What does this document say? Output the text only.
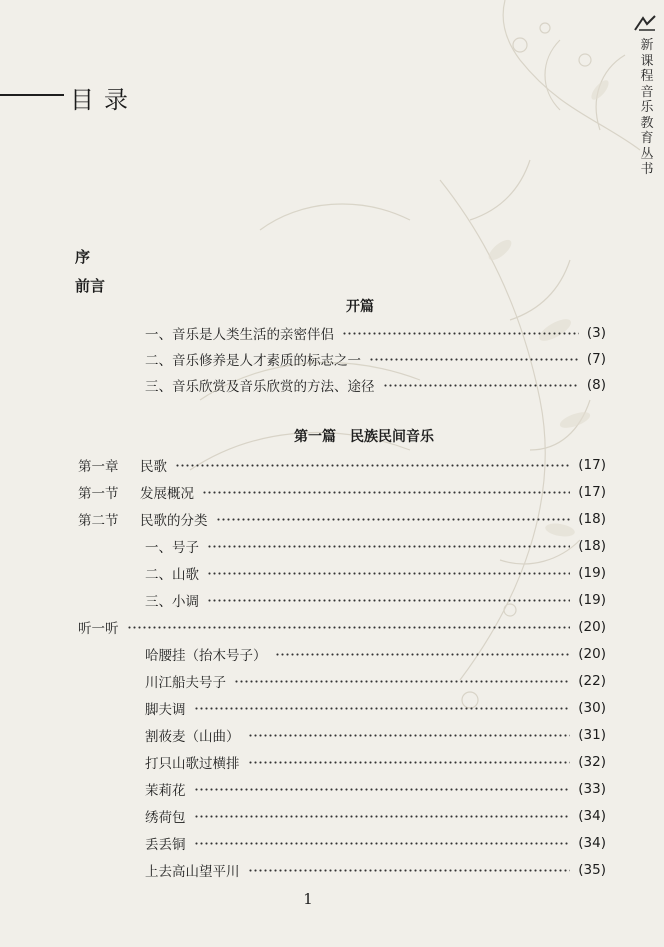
新
课
程
音
乐
教
育
丛
书
目录
序
前言
开篇
一、音乐是人类生活的亲密伴侣	(3)
二、音乐修养是人才素质的标志之一	(7)
三、音乐欣赏及音乐欣赏的方法、途径	(8)
第一篇　民族民间音乐
第一章	民歌	(17)
第一节	发展概况	(17)
第二节	民歌的分类	(18)
一、号子	(18)
二、山歌	(19)
三、小调	(19)
听一听	(20)
哈腰挂（抬木号子）	(20)
川江船夫号子	(22)
脚夫调	(30)
割莜麦（山曲）	(31)
打只山歌过横排	(32)
茉莉花	(33)
绣荷包	(34)
丢丢铜	(34)
上去高山望平川	(35)
1
